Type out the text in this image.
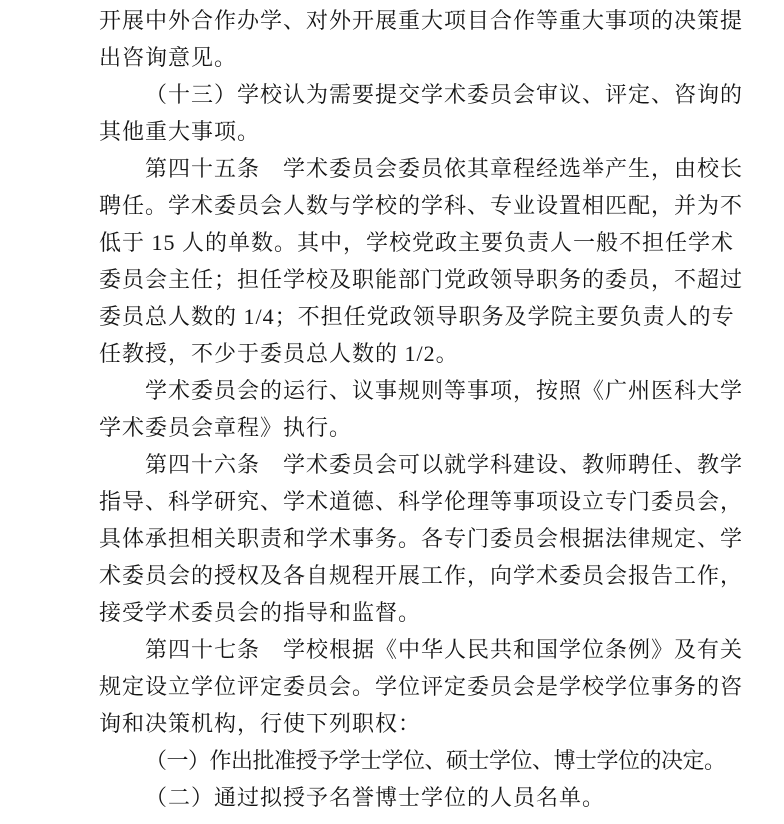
开展中外合作办学、对外开展重大项目合作等重大事项的决策提
出咨询意见。
（十三）学校认为需要提交学术委员会审议、评定、咨询的
其他重大事项。
第四十五条　学术委员会委员依其章程经选举产生，由校长
聘任。学术委员会人数与学校的学科、专业设置相匹配，并为不
低于 15 人的单数。其中，学校党政主要负责人一般不担任学术
委员会主任；担任学校及职能部门党政领导职务的委员，不超过
委员总人数的 1/4；不担任党政领导职务及学院主要负责人的专
任教授，不少于委员总人数的 1/2。
学术委员会的运行、议事规则等事项，按照《广州医科大学
学术委员会章程》执行。
第四十六条　学术委员会可以就学科建设、教师聘任、教学
指导、科学研究、学术道德、科学伦理等事项设立专门委员会，
具体承担相关职责和学术事务。各专门委员会根据法律规定、学
术委员会的授权及各自规程开展工作，向学术委员会报告工作，
接受学术委员会的指导和监督。
第四十七条　学校根据《中华人民共和国学位条例》及有关
规定设立学位评定委员会。学位评定委员会是学校学位事务的咨
询和决策机构，行使下列职权：
（一）作出批准授予学士学位、硕士学位、博士学位的决定。
（二）通过拟授予名誉博士学位的人员名单。
